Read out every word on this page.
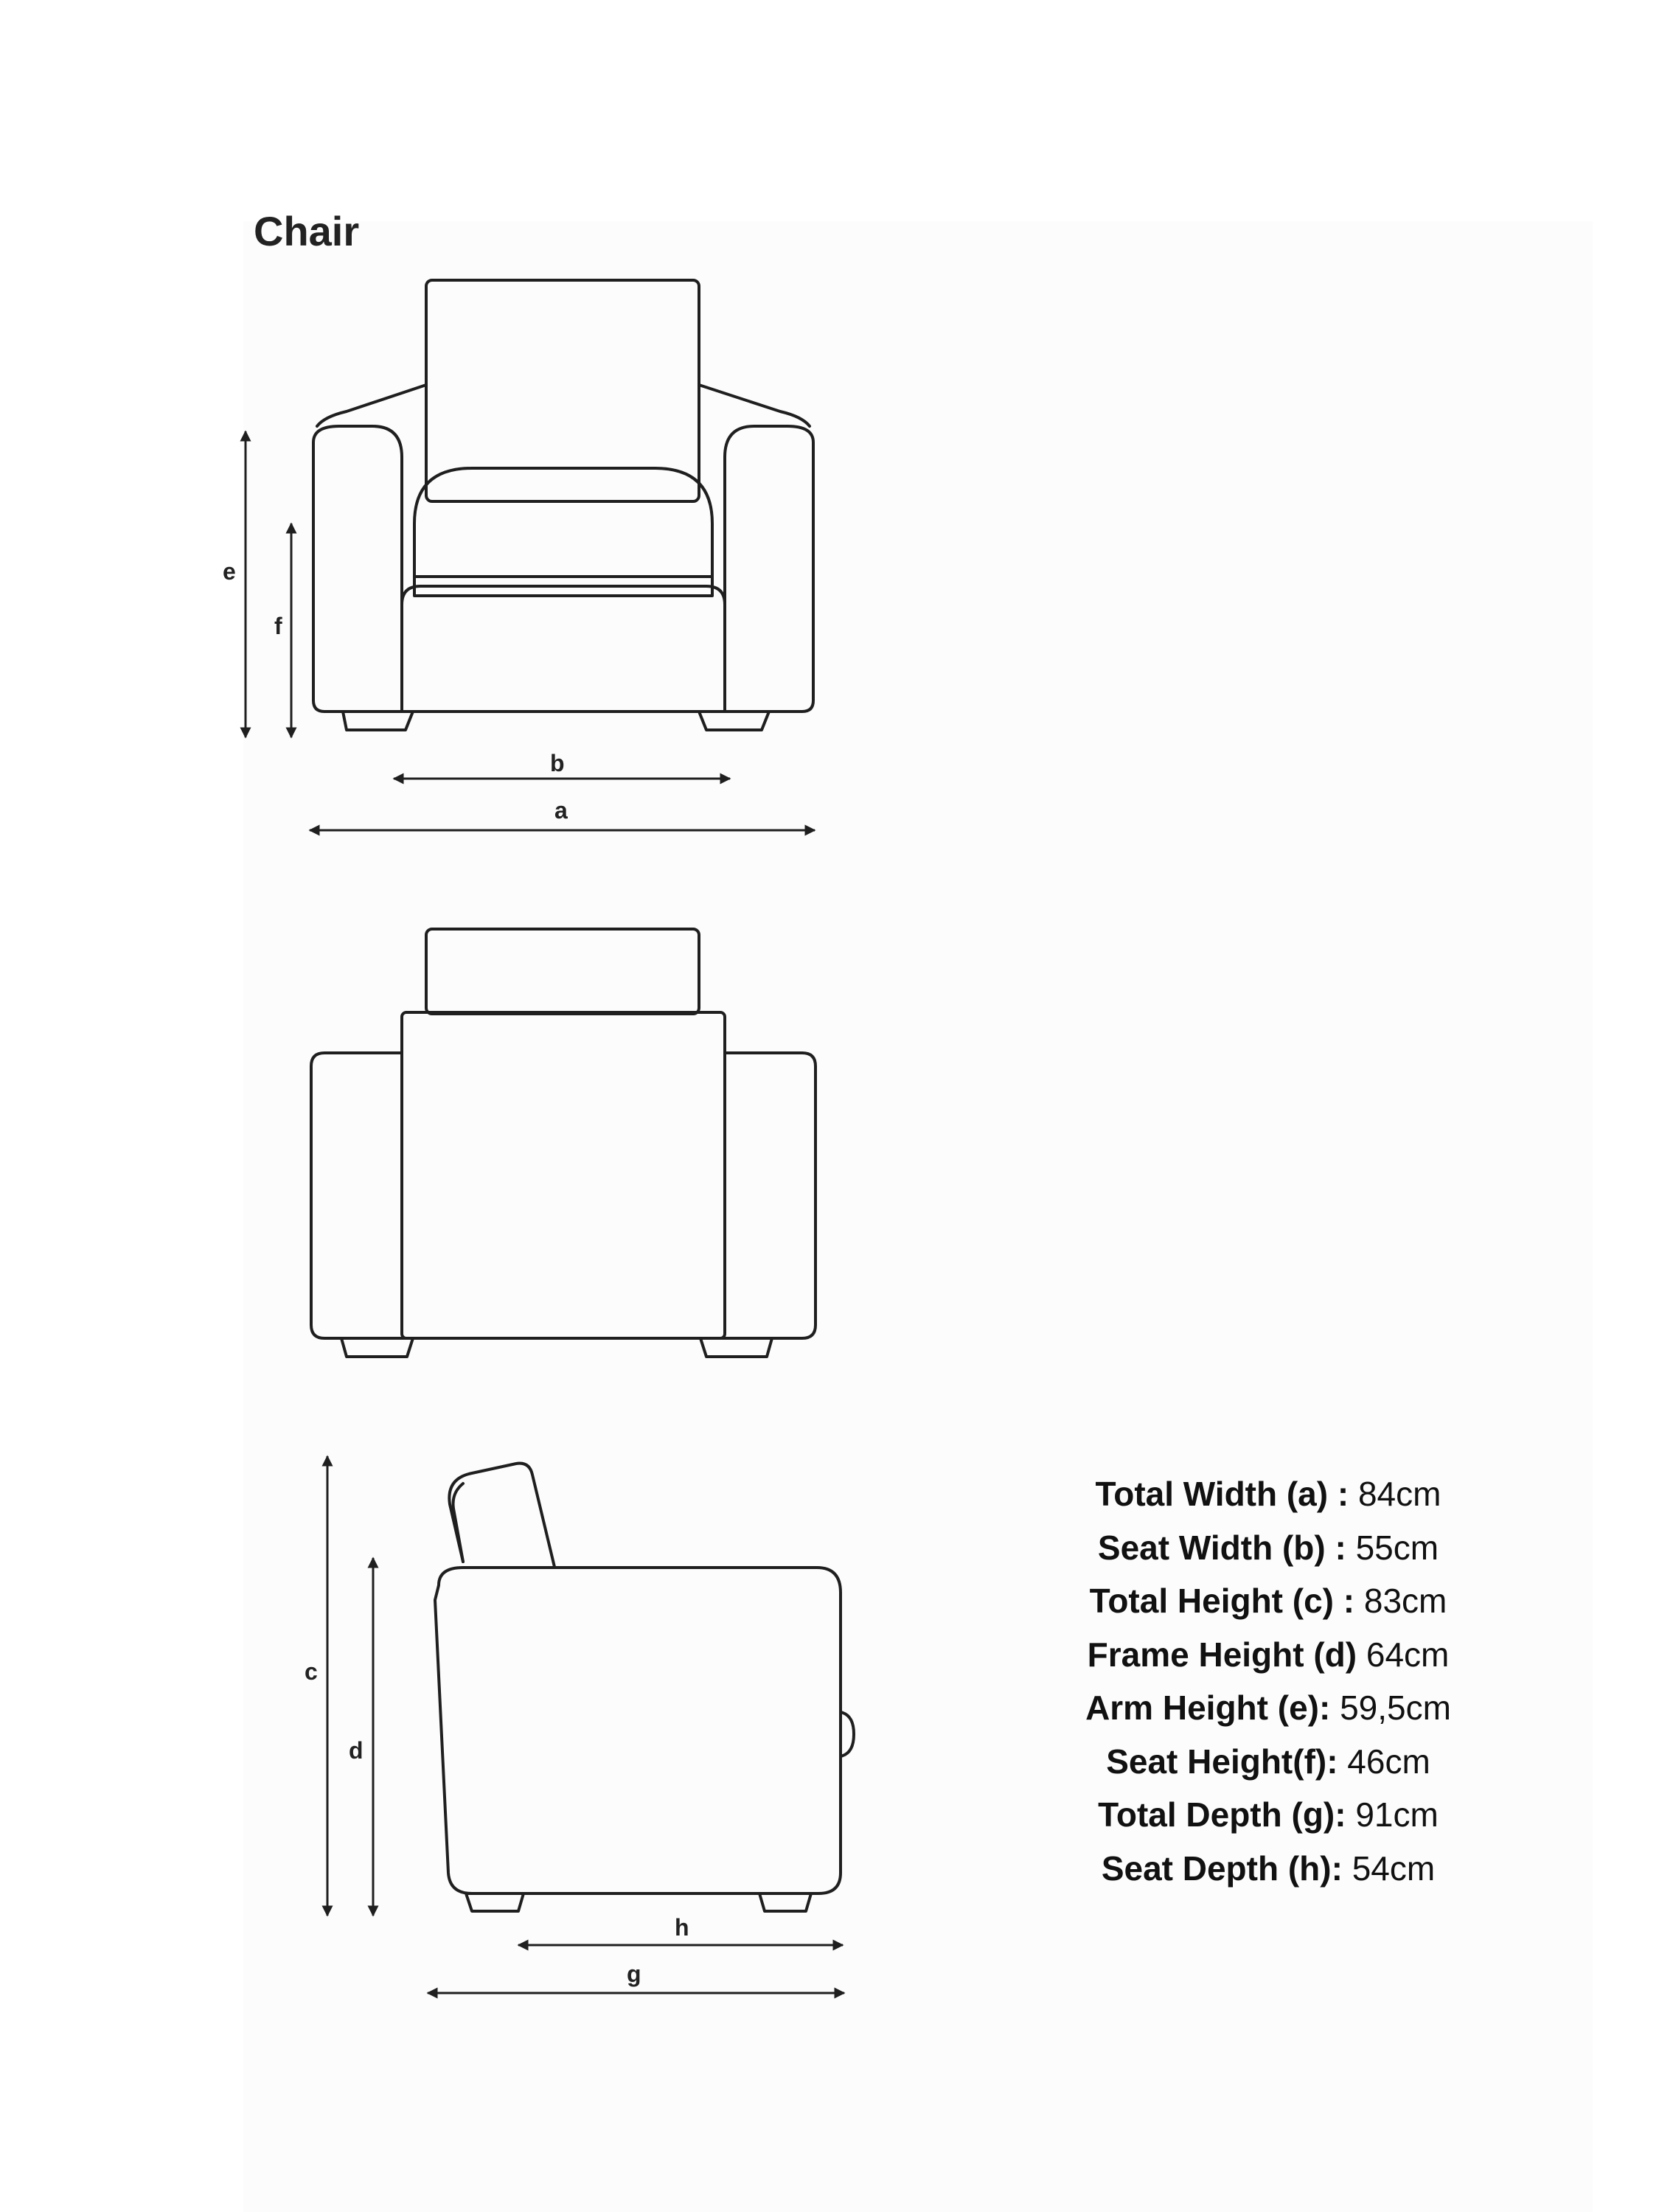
Chair
e
f
b
a
c
d
h
g
Total Width (a) : 84cm
Seat Width (b) : 55cm
Total Height (c) : 83cm
Frame Height (d) 64cm
Arm Height (e): 59,5cm
Seat Height(f): 46cm
Total Depth (g): 91cm
Seat Depth (h): 54cm
